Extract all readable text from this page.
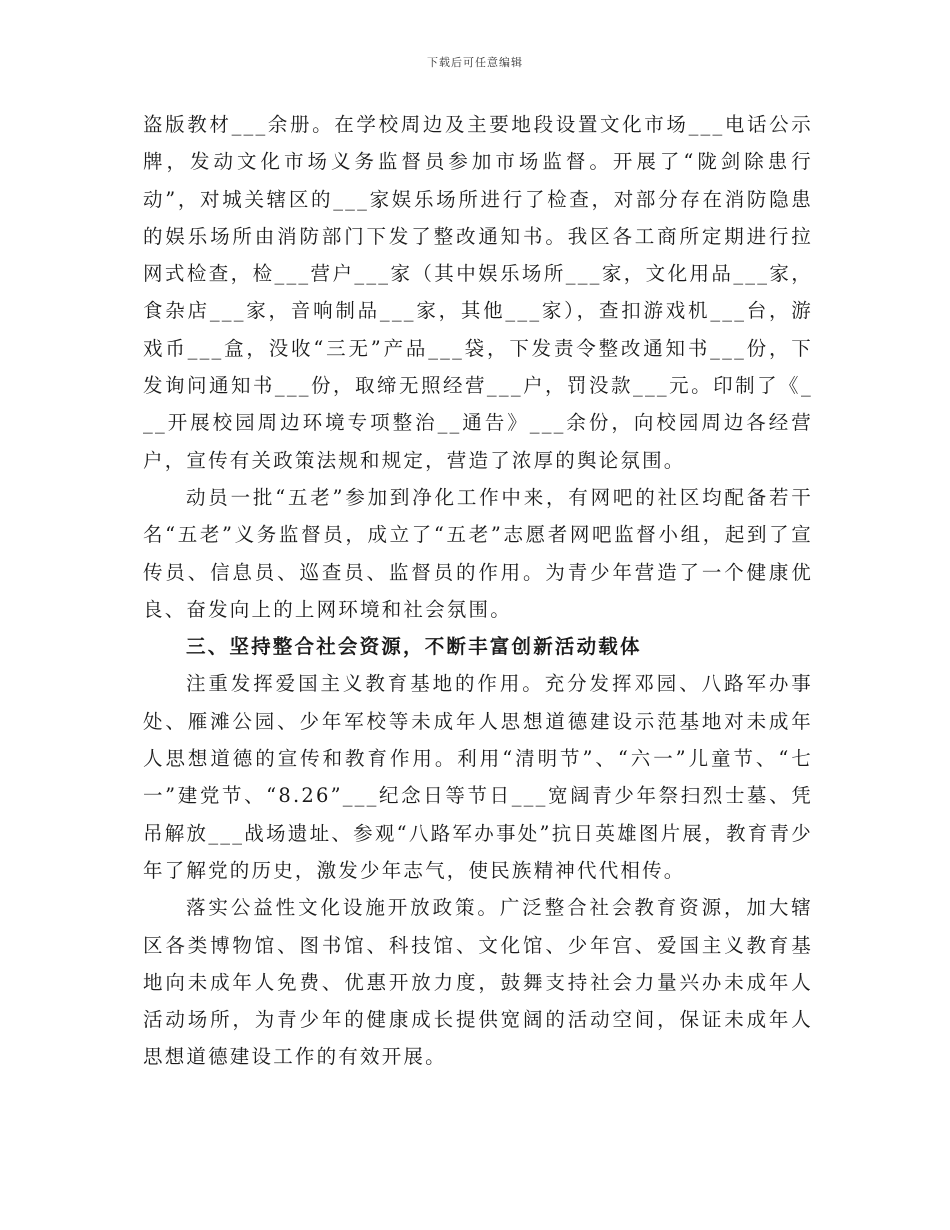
下载后可任意编辑

盗版教材___余册。在学校周边及主要地段设置文化市场___电话公示牌，发动文化市场义务监督员参加市场监督。开展了“陇剑除患行动”，对城关辖区的___家娱乐场所进行了检查，对部分存在消防隐患的娱乐场所由消防部门下发了整改通知书。我区各工商所定期进行拉网式检查，检___营户___家（其中娱乐场所___家，文化用品___家，食杂店___家，音响制品___家，其他___家），查扣游戏机___台，游戏币___盒，没收“三无”产品___袋，下发责令整改通知书___份，下发询问通知书___份，取缔无照经营___户，罚没款___元。印制了《___开展校园周边环境专项整治__通告》___余份，向校园周边各经营户，宣传有关政策法规和规定，营造了浓厚的舆论氛围。

动员一批“五老”参加到净化工作中来，有网吧的社区均配备若干名“五老”义务监督员，成立了“五老”志愿者网吧监督小组，起到了宣传员、信息员、巡查员、监督员的作用。为青少年营造了一个健康优良、奋发向上的上网环境和社会氛围。

三、坚持整合社会资源，不断丰富创新活动载体

注重发挥爱国主义教育基地的作用。充分发挥邓园、八路军办事处、雁滩公园、少年军校等未成年人思想道德建设示范基地对未成年人思想道德的宣传和教育作用。利用“清明节”、“六一”儿童节、“七一”建党节、“8.26”___纪念日等节日___宽阔青少年祭扫烈士墓、凭吊解放___战场遗址、参观“八路军办事处”抗日英雄图片展，教育青少年了解党的历史，激发少年志气，使民族精神代代相传。

落实公益性文化设施开放政策。广泛整合社会教育资源，加大辖区各类博物馆、图书馆、科技馆、文化馆、少年宫、爱国主义教育基地向未成年人免费、优惠开放力度，鼓舞支持社会力量兴办未成年人活动场所，为青少年的健康成长提供宽阔的活动空间，保证未成年人思想道德建设工作的有效开展。
